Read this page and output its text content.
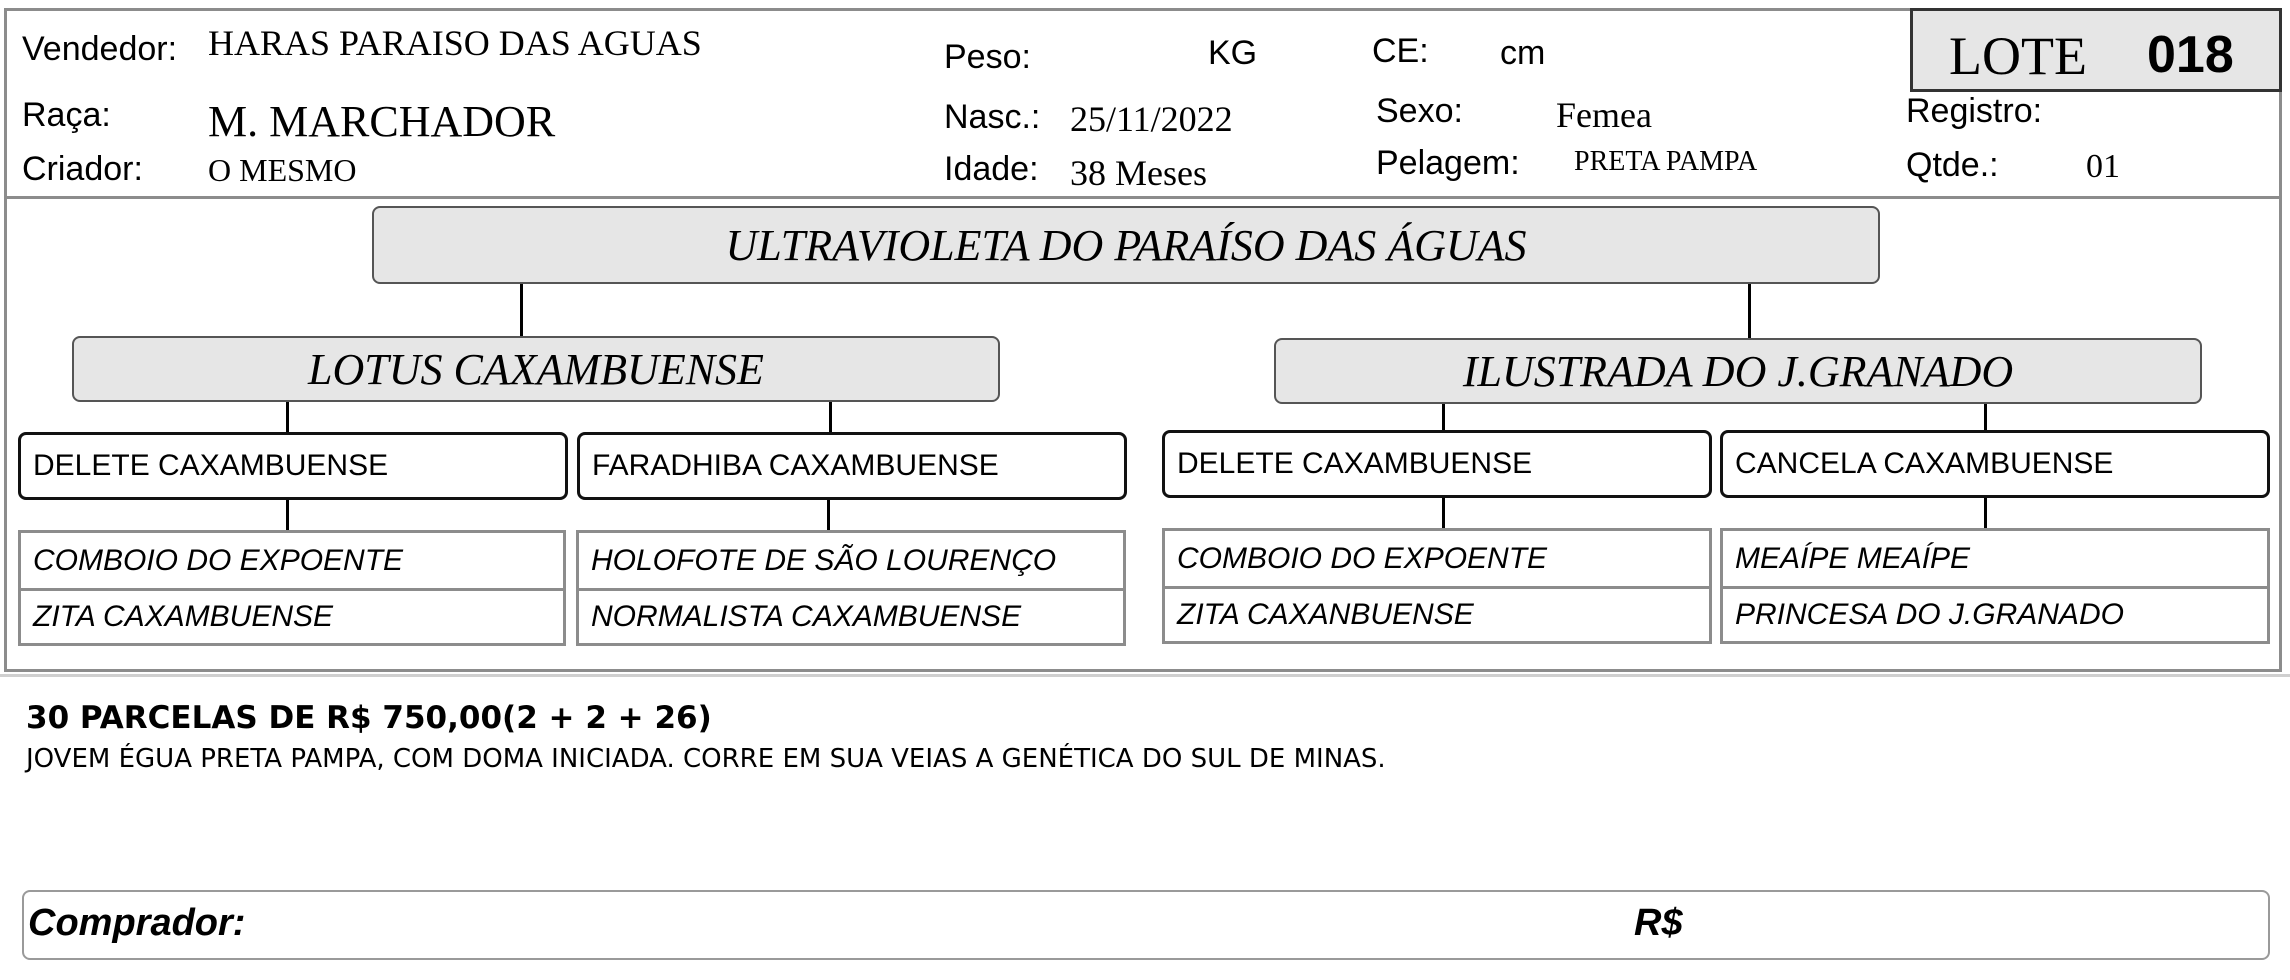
Vendedor: HARAS PARAISO DAS AGUAS
Raça: M. MARCHADOR
Criador: O MESMO
Peso:	KG
Nasc.: 25/11/2022
Idade: 38 Meses
CE: cm
Sexo:	Femea
Pelagem: PRETA PAMPA
LOTE 018
Registro:
Qtde.:	01
ULTRAVIOLETA DO PARAÍSO DAS ÁGUAS
LOTUS CAXAMBUENSE	ILUSTRADA DO J.GRANADO
DELETE CAXAMBUENSE	FARADHIBA CAXAMBUENSE	DELETE CAXAMBUENSE	CANCELA CAXAMBUENSE
COMBOIO DO EXPOENTE
ZITA CAXAMBUENSE
HOLOFOTE DE SÃO LOURENÇO
NORMALISTA CAXAMBUENSE
COMBOIO DO EXPOENTE
ZITA CAXANBUENSE
MEAÍPE MEAÍPE
PRINCESA DO J.GRANADO
30 PARCELAS DE R$ 750,00(2 + 2 + 26)
JOVEM ÉGUA PRETA PAMPA, COM DOMA INICIADA. CORRE EM SUA VEIAS A GENÉTICA DO SUL DE MINAS.
Comprador:	R$
